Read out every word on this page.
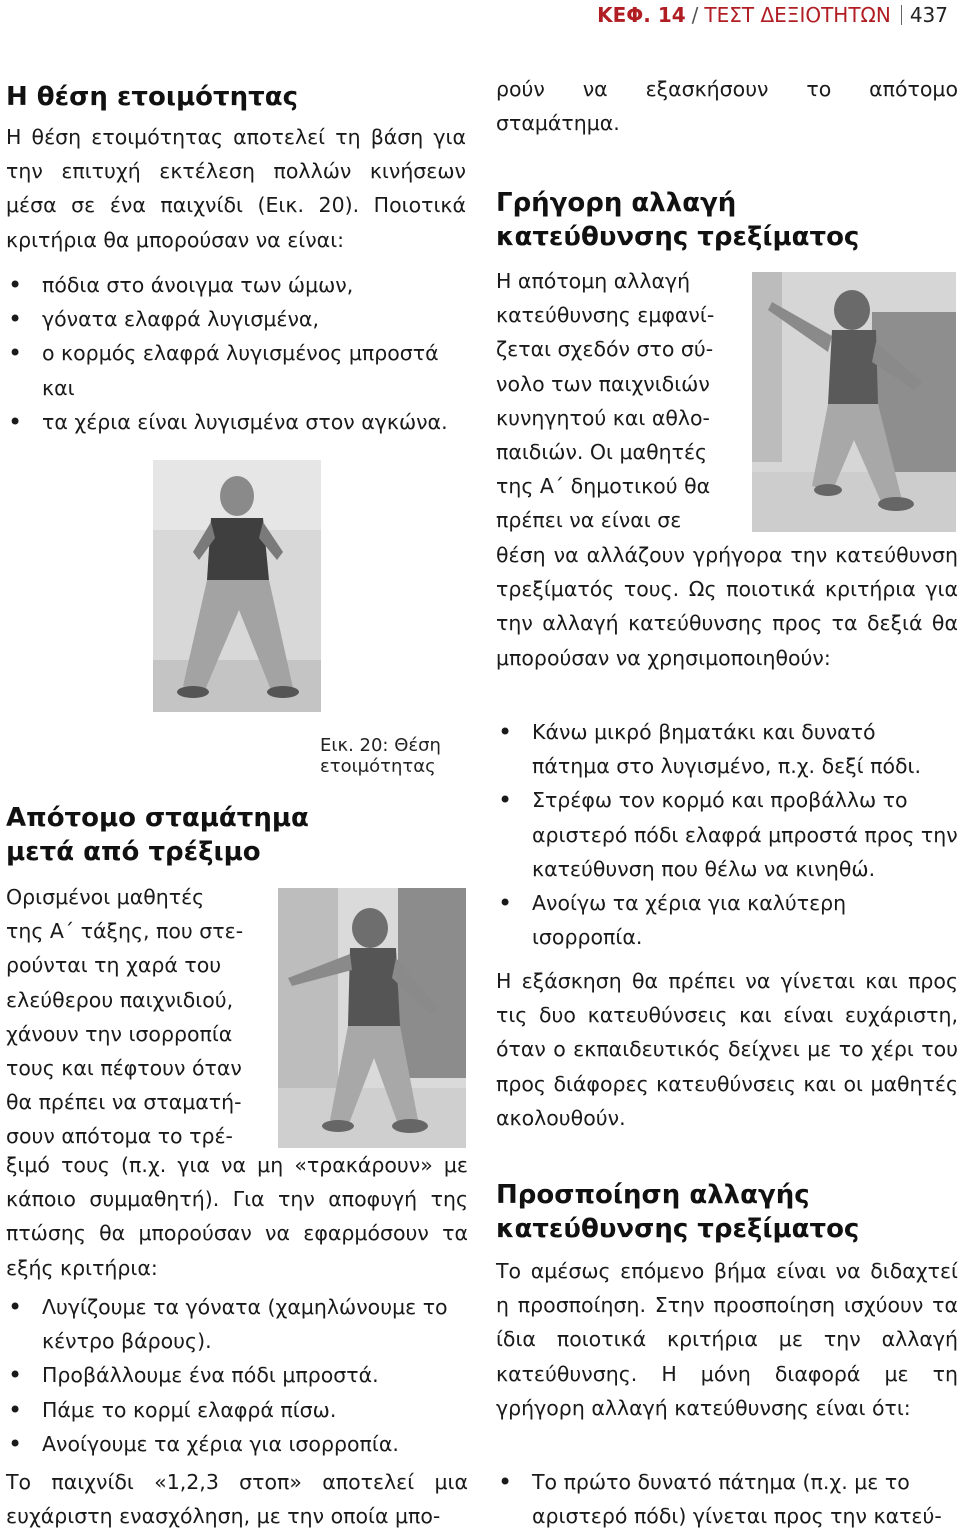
ΚΕΦ. 14 / ΤΕΣΤ ΔΕΞΙΟΤΗΤΩΝ 437
Η θέση ετοιμότητας

Η θέση ετοιμότητας αποτελεί τη βάση για την επιτυχή εκτέλεση πολλών κινήσεων μέσα σε ένα παιχνίδι (Εικ. 20). Ποιοτικά κριτήρια θα μπορούσαν να είναι:

• πόδια στο άνοιγμα των ώμων,
• γόνατα ελαφρά λυγισμένα,
• ο κορμός ελαφρά λυγισμένος μπροστά και
• τα χέρια είναι λυγισμένα στον αγκώνα.
Εικ. 20: Θέση ετοιμότητας
Απότομο σταμάτημα
μετά από τρέξιμο
Ορισμένοι μαθητές
της Α΄ τάξης, που στε-
ρούνται τη χαρά του
ελεύθερου παιχνιδιού,
χάνουν την ισορροπία
τους και πέφτουν όταν
θα πρέπει να σταματή-
σουν απότομα το τρέ-

ξιμό τους (π.χ. για να μη «τρακάρουν» με κάποιο συμμαθητή). Για την αποφυγή της πτώσης θα μπορούσαν να εφαρμόσουν τα εξής κριτήρια:

• Λυγίζουμε τα γόνατα (χαμηλώνουμε το κέντρο βάρους).
• Προβάλλουμε ένα πόδι μπροστά.
• Πάμε το κορμί ελαφρά πίσω.
• Ανοίγουμε τα χέρια για ισορροπία.

Το παιχνίδι «1,2,3 στοπ» αποτελεί μια ευχάριστη ενασχόληση, με την οποία μπο-

ρούν να εξασκήσουν το απότομο σταμάτημα.

Γρήγορη αλλαγή
κατεύθυνσης τρεξίματος
Η απότομη αλλαγή
κατεύθυνσης εμφανί-
ζεται σχεδόν στο σύ-
νολο των παιχνιδιών
κυνηγητού και αθλο-
παιδιών. Οι μαθητές
της Α΄ δημοτικού θα
πρέπει να είναι σε

θέση να αλλάζουν γρήγορα την κατεύθυνση τρεξίματός τους. Ως ποιοτικά κριτήρια για την αλλαγή κατεύθυνσης προς τα δεξιά θα μπορούσαν να χρησιμοποιηθούν:

• Κάνω μικρό βηματάκι και δυνατό πάτημα στο λυγισμένο, π.χ. δεξί πόδι.
• Στρέφω τον κορμό και προβάλλω το αριστερό πόδι ελαφρά μπροστά προς την κατεύθυνση που θέλω να κινηθώ.
• Ανοίγω τα χέρια για καλύτερη ισορροπία.

Η εξάσκηση θα πρέπει να γίνεται και προς τις δυο κατευθύνσεις και είναι ευχάριστη, όταν ο εκπαιδευτικός δείχνει με το χέρι του προς διάφορες κατευθύνσεις και οι μαθητές ακολουθούν.

Προσποίηση αλλαγής
κατεύθυνσης τρεξίματος

Το αμέσως επόμενο βήμα είναι να διδαχτεί η προσποίηση. Στην προσποίηση ισχύουν τα ίδια ποιοτικά κριτήρια με την αλλαγή κατεύθυνσης. Η μόνη διαφορά με τη γρήγορη αλλαγή κατεύθυνσης είναι ότι:

• Το πρώτο δυνατό πάτημα (π.χ. με το αριστερό πόδι) γίνεται προς την κατεύ-
